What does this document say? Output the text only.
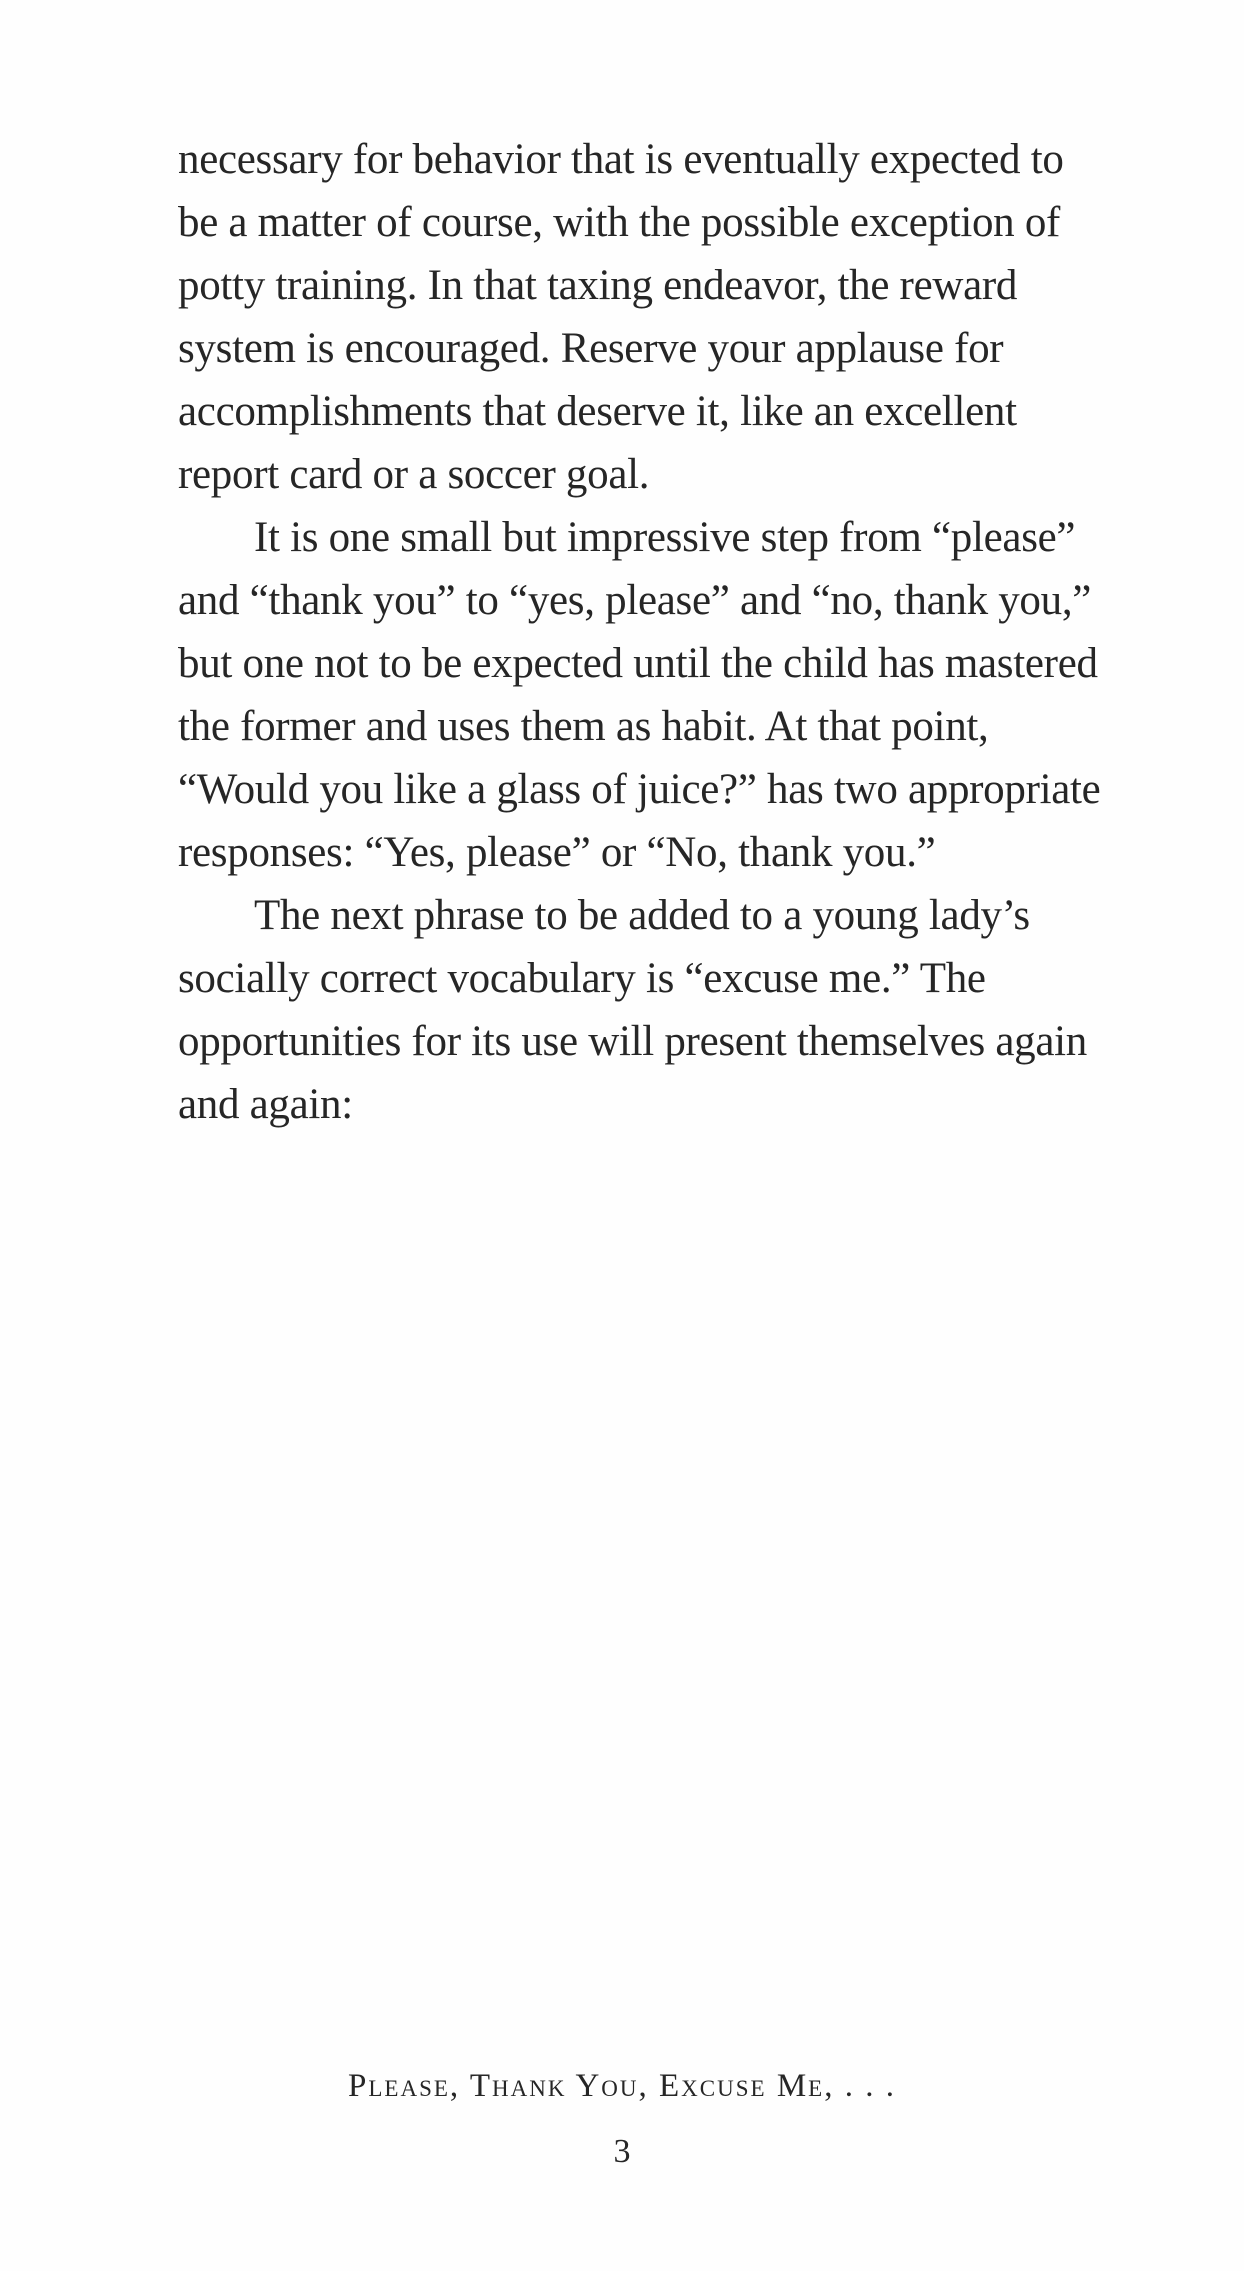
necessary for behavior that is eventually expected to
be a matter of course, with the possible exception of
potty training. In that taxing endeavor, the reward
system is encouraged. Reserve your applause for
accomplishments that deserve it, like an excellent
report card or a soccer goal.
It is one small but impressive step from “please”
and “thank you” to “yes, please” and “no, thank you,”
but one not to be expected until the child has mastered
the former and uses them as habit. At that point,
“Would you like a glass of juice?” has two appropriate
responses: “Yes, please” or “No, thank you.”
The next phrase to be added to a young lady’s
socially correct vocabulary is “excuse me.” The
opportunities for its use will present themselves again
and again:
Please, Thank You, Excuse Me, . . .
3
